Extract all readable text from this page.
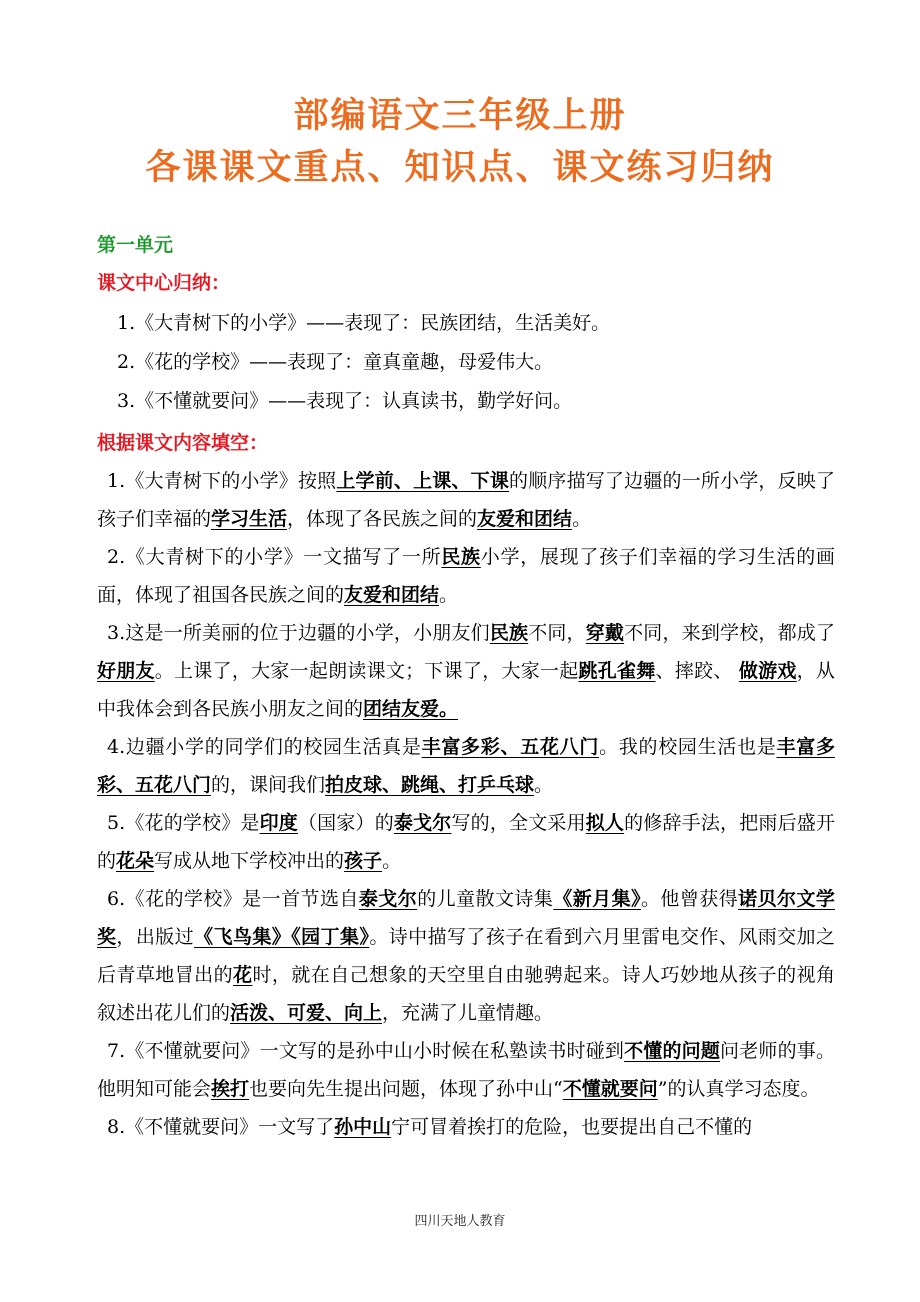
部编语文三年级上册
各课课文重点、知识点、课文练习归纳
第一单元
课文中心归纳：
1.《大青树下的小学》——表现了：民族团结，生活美好。
2.《花的学校》——表现了：童真童趣，母爱伟大。
3.《不懂就要问》——表现了：认真读书，勤学好问。
根据课文内容填空：
1.《大青树下的小学》按照上学前、上课、下课的顺序描写了边疆的一所小学，反映了孩子们幸福的学习生活，体现了各民族之间的友爱和团结。
2.《大青树下的小学》一文描写了一所民族小学，展现了孩子们幸福的学习生活的画面，体现了祖国各民族之间的友爱和团结。
3.这是一所美丽的位于边疆的小学，小朋友们民族不同，穿戴不同，来到学校，都成了好朋友。上课了，大家一起朗读课文；下课了，大家一起跳孔雀舞、摔跤、 做游戏，从中我体会到各民族小朋友之间的团结友爱。
4.边疆小学的同学们的校园生活真是丰富多彩、五花八门。我的校园生活也是丰富多彩、五花八门的，课间我们拍皮球、跳绳、打乒乓球。
5.《花的学校》是印度（国家）的泰戈尔写的，全文采用拟人的修辞手法，把雨后盛开的花朵写成从地下学校冲出的孩子。
6.《花的学校》是一首节选自泰戈尔的儿童散文诗集《新月集》。他曾获得诺贝尔文学奖，出版过《飞鸟集》《园丁集》。诗中描写了孩子在看到六月里雷电交作、风雨交加之后青草地冒出的花时，就在自己想象的天空里自由驰骋起来。诗人巧妙地从孩子的视角叙述出花儿们的活泼、可爱、向上，充满了儿童情趣。
7.《不懂就要问》一文写的是孙中山小时候在私塾读书时碰到不懂的问题问老师的事。他明知可能会挨打也要向先生提出问题，体现了孙中山“不懂就要问”的认真学习态度。
8.《不懂就要问》一文写了孙中山宁可冒着挨打的危险，也要提出自己不懂的
四川天地人教育
